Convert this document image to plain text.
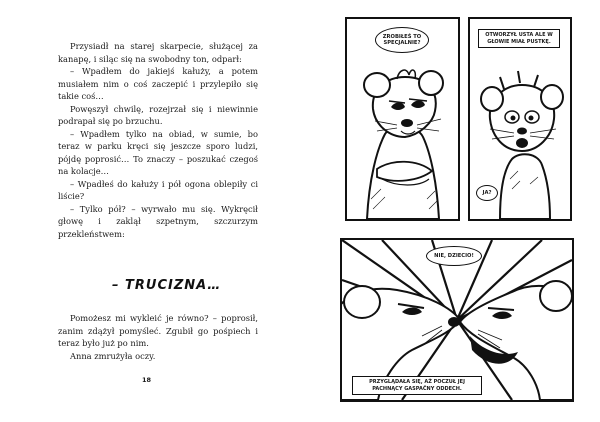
Przysiadł na starej skarpecie, służącej za kanapę, i siląc się na swobodny ton, odparł:

– Wpadłem do jakiejś kałuży, a potem musiałem nim o coś zaczepić i przylepiło się takie coś…

Powęszył chwilę, rozejrzał się i niewinnie podrapał się po brzuchu.

– Wpadłem tylko na obiad, w sumie, bo teraz w parku kręci się jeszcze sporo ludzi, pójdę poprosić… To znaczy – poszukać czegoś na kolacje…

– Wpadłeś do kałuży i pół ogona oblepiły ci liście?

– Tylko pół? – wyrwało mu się. Wykręcił głowę i zaklął szpetnym, szczurzym przekleństwem:

– TRUCIZNA…

Pomożesz mi wykleić je równo? – poprosił, zanim zdążył pomyśleć. Zgubił go pośpiech i teraz było już po nim.

Anna zmrużyła oczy.

18
ZROBIŁEŚ TO SPECJALNIE?
OTWORZYŁ USTA ALE W GŁOWIE MIAŁ PUSTKĘ.
JA?
NIE, DZIECIO!
PRZYGLĄDAŁA SIĘ, AŻ POCZUŁ JEJ PACHNĄCY GASPAČNY ODDECH.
